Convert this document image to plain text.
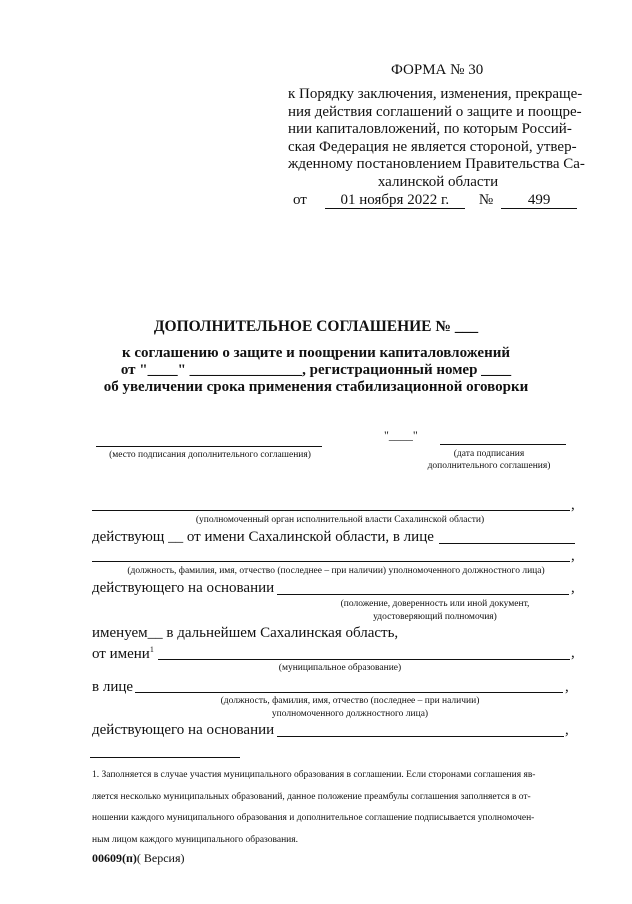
ФОРМА № 30
к Порядку заключения, изменения, прекраще-
ния действия соглашений о защите и поощре-
нии капиталовложений, по которым Россий-
ская Федерация не является стороной, утвер-
жденному постановлением Правительства Са-
халинской области
от	01 ноября 2022 г.	№	499
ДОПОЛНИТЕЛЬНОЕ СОГЛАШЕНИЕ № ___
к соглашению о защите и поощрении капиталовложений
от "____" _______________, регистрационный номер ____
об увеличении срока применения стабилизационной оговорки
(место подписания дополнительного соглашения)
"____"
(дата подписания
дополнительного соглашения)
,
(уполномоченный орган исполнительной власти Сахалинской области)
действующ __ от имени Сахалинской области, в лице
,
(должность, фамилия, имя, отчество (последнее – при наличии) уполномоченного должностного лица)
действующего на основании	,
(положение, доверенность или иной документ,
удостоверяющий полномочия)
именуем__ в дальнейшем Сахалинская область,
от имени$^1$	,
(муниципальное образование)
в лице	,
(должность, фамилия, имя, отчество (последнее – при наличии)
уполномоченного должностного лица)
действующего на основании	,
1. Заполняется в случае участия муниципального образования в соглашении. Если сторонами соглашения яв-
ляется несколько муниципальных образований, данное положение преамбулы соглашения заполняется в от-
ношении каждого муниципального образования и дополнительное соглашение подписывается уполномочен-
ным лицом каждого муниципального образования.
00609(п)( Версия)
